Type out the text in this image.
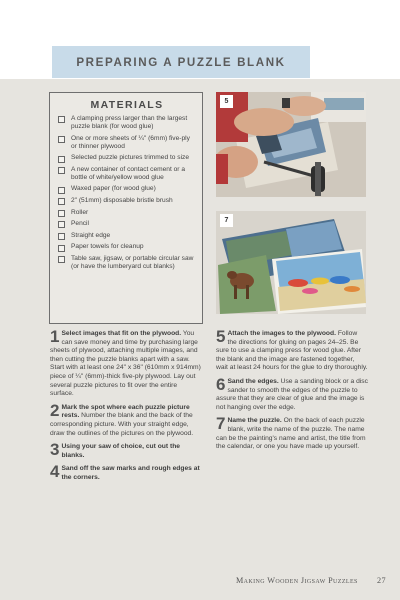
PREPARING A PUZZLE BLANK
MATERIALS
A clamping press larger than the largest puzzle blank (for wood glue)
One or more sheets of ¼" (6mm) five-ply or thinner plywood
Selected puzzle pictures trimmed to size
A new container of contact cement or a bottle of white/yellow wood glue
Waxed paper (for wood glue)
2" (51mm) disposable bristle brush
Roller
Pencil
Straight edge
Paper towels for cleanup
Table saw, jigsaw, or portable circular saw (or have the lumberyard cut blanks)
5
7
1 Select images that fit on the plywood. You can save money and time by purchasing large sheets of plywood, attaching multiple images, and then cutting the puzzle blanks apart with a saw. Start with at least one 24" x 36" (610mm x 914mm) piece of ¼" (6mm)-thick five-ply plywood. Lay out several puzzle pictures to fit over the entire surface.
2 Mark the spot where each puzzle picture rests. Number the blank and the back of the corresponding picture. With your straight edge, draw the outlines of the pictures on the plywood.
3 Using your saw of choice, cut out the blanks.
4 Sand off the saw marks and rough edges at the corners.
5 Attach the images to the plywood. Follow the directions for gluing on pages 24–25. Be sure to use a clamping press for wood glue. After the blank and the image are fastened together, wait at least 24 hours for the glue to dry thoroughly.
6 Sand the edges. Use a sanding block or a disc sander to smooth the edges of the puzzle to assure that they are clear of glue and the image is not hanging over the edge.
7 Name the puzzle. On the back of each puzzle blank, write the name of the puzzle. The name can be the painting's name and artist, the title from the calendar, or one you have made up yourself.
Making Wooden Jigsaw Puzzles 27
